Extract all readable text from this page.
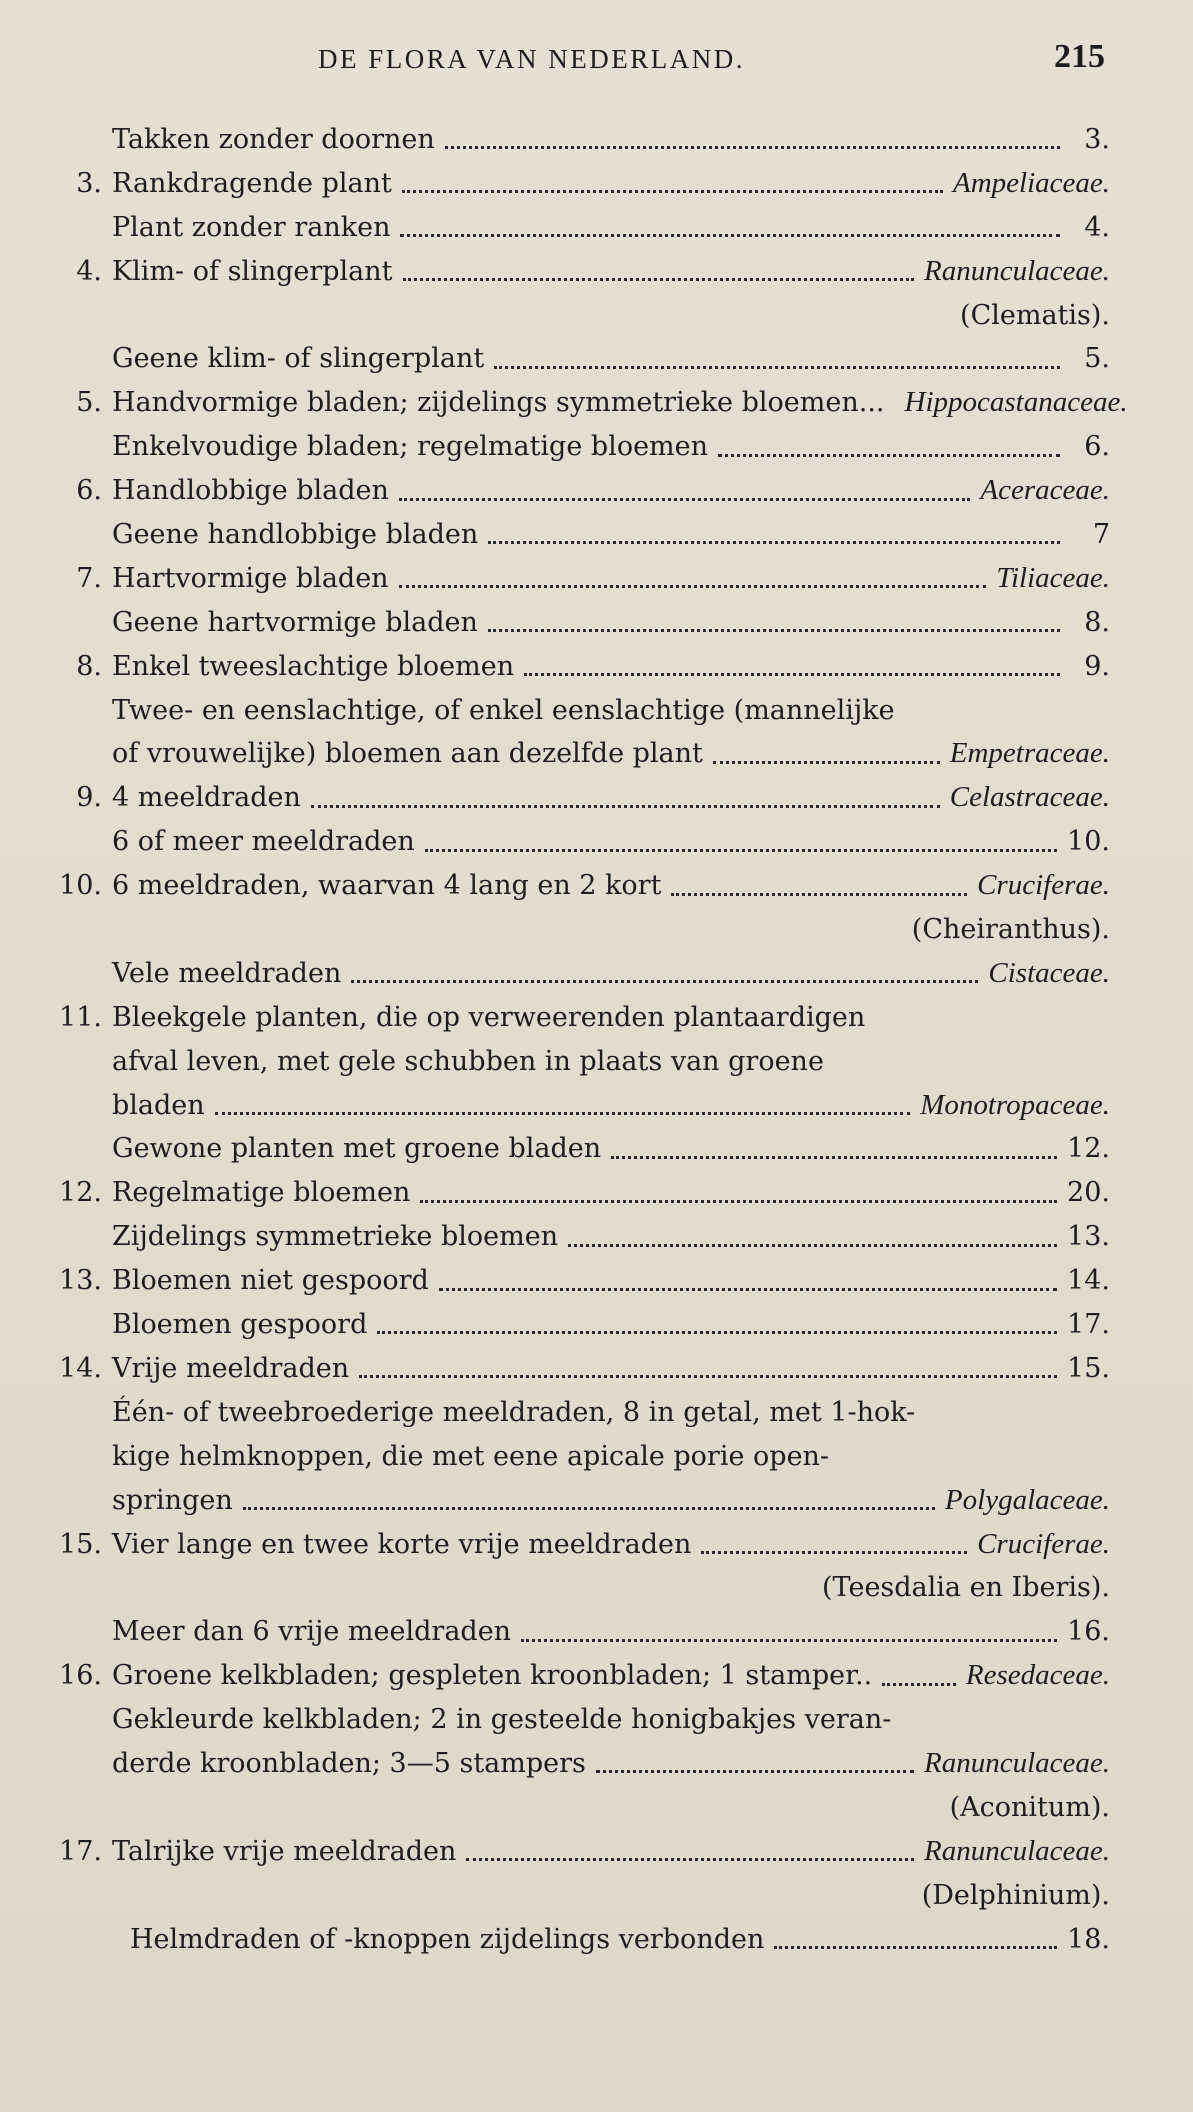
DE FLORA VAN NEDERLAND.	215
Takken zonder doornen	3.
3. Rankdragende plant	Ampeliaceae.
Plant zonder ranken	4.
4. Klim- of slingerplant	Ranunculaceae.
(Clematis).
Geene klim- of slingerplant	5.
5. Handvormige bladen; zijdelings symmetrieke bloemen... Hippocastanaceae.
Enkelvoudige bladen; regelmatige bloemen	6.
6. Handlobbige bladen	Aceraceae.
Geene handlobbige bladen	7
7. Hartvormige bladen	Tiliaceae.
Geene hartvormige bladen	8.
8. Enkel tweeslachtige bloemen	9.
Twee- en eenslachtige, of enkel eenslachtige (mannelijke
of vrouwelijke) bloemen aan dezelfde plant	Empetraceae.
9. 4 meeldraden	Celastraceae.
6 of meer meeldraden	10.
10. 6 meeldraden, waarvan 4 lang en 2 kort	Cruciferae.
(Cheiranthus).
Vele meeldraden	Cistaceae.
11. Bleekgele planten, die op verweerenden plantaardigen
afval leven, met gele schubben in plaats van groene
bladen	Monotropaceae.
Gewone planten met groene bladen	12.
12. Regelmatige bloemen	20.
Zijdelings symmetrieke bloemen	13.
13. Bloemen niet gespoord	14.
Bloemen gespoord	17.
14. Vrije meeldraden	15.
Één- of tweebroederige meeldraden, 8 in getal, met 1-hok-
kige helmknoppen, die met eene apicale porie open-
springen	Polygalaceae.
15. Vier lange en twee korte vrije meeldraden	Cruciferae.
(Teesdalia en Iberis).
Meer dan 6 vrije meeldraden	16.
16. Groene kelkbladen; gespleten kroonbladen; 1 stamper..	Resedaceae.
Gekleurde kelkbladen; 2 in gesteelde honigbakjes veran-
derde kroonbladen; 3—5 stampers	Ranunculaceae.
(Aconitum).
17. Talrijke vrije meeldraden	Ranunculaceae.
(Delphinium).
Helmdraden of -knoppen zijdelings verbonden	18.
